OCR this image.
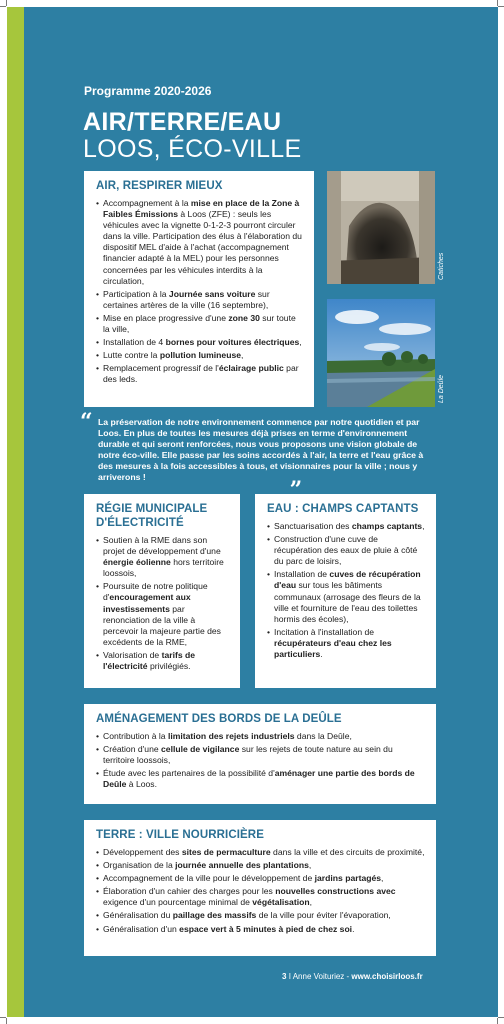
Programme 2020-2026
AIR/TERRE/EAU
LOOS, ÉCO-VILLE
AIR, RESPIRER MIEUX
• Accompagnement à la mise en place de la Zone à Faibles Émissions à Loos (ZFE) : seuls les véhicules avec la vignette 0-1-2-3 pourront circuler dans la ville. Participation des élus à l'élaboration du dispositif MEL d'aide à l'achat (accompagnement financier adapté à la MEL) pour les personnes concernées par les véhicules interdits à la circulation,
• Participation à la Journée sans voiture sur certaines artères de la ville (16 septembre),
• Mise en place progressive d'une zone 30 sur toute la ville,
• Installation de 4 bornes pour voitures électriques,
• Lutte contre la pollution lumineuse,
• Remplacement progressif de l'éclairage public par des leds.
Catiches
La Deûle
“ La préservation de notre environnement commence par notre quotidien et par Loos. En plus de toutes les mesures déjà prises en terme d'environnement durable et qui seront renforcées, nous vous proposons une vision globale de notre éco-ville. Elle passe par les soins accordés à l'air, la terre et l'eau grâce à des mesures à la fois accessibles à tous, et visionnaires pour la ville ; nous y arriverons !	„
RÉGIE MUNICIPALE D'ÉLECTRICITÉ
• Soutien à la RME dans son projet de développement d'une énergie éolienne hors territoire loossois,
• Poursuite de notre politique d'encouragement aux investissements par renonciation de la ville à percevoir la majeure partie des excédents de la RME,
• Valorisation de tarifs de l'électricité privilégiés.
EAU : CHAMPS CAPTANTS
• Sanctuarisation des champs captants,
• Construction d'une cuve de récupération des eaux de pluie à côté du parc de loisirs,
• Installation de cuves de récupération d'eau sur tous les bâtiments communaux (arrosage des fleurs de la ville et fourniture de l'eau des toilettes hormis des écoles),
• Incitation à l'installation de récupérateurs d'eau chez les particuliers.
AMÉNAGEMENT DES BORDS DE LA DEÛLE
• Contribution à la limitation des rejets industriels dans la Deûle,
• Création d'une cellule de vigilance sur les rejets de toute nature au sein du territoire loossois,
• Étude avec les partenaires de la possibilité d'aménager une partie des bords de Deûle à Loos.
TERRE : VILLE NOURRICIÈRE
• Développement des sites de permaculture dans la ville et des circuits de proximité,
• Organisation de la journée annuelle des plantations,
• Accompagnement de la ville pour le développement de jardins partagés,
• Élaboration d'un cahier des charges pour les nouvelles constructions avec exigence d'un pourcentage minimal de végétalisation,
• Généralisation du paillage des massifs de la ville pour éviter l'évaporation,
• Généralisation d'un espace vert à 5 minutes à pied de chez soi.
3 I Anne Voituriez - www.choisirloos.fr
